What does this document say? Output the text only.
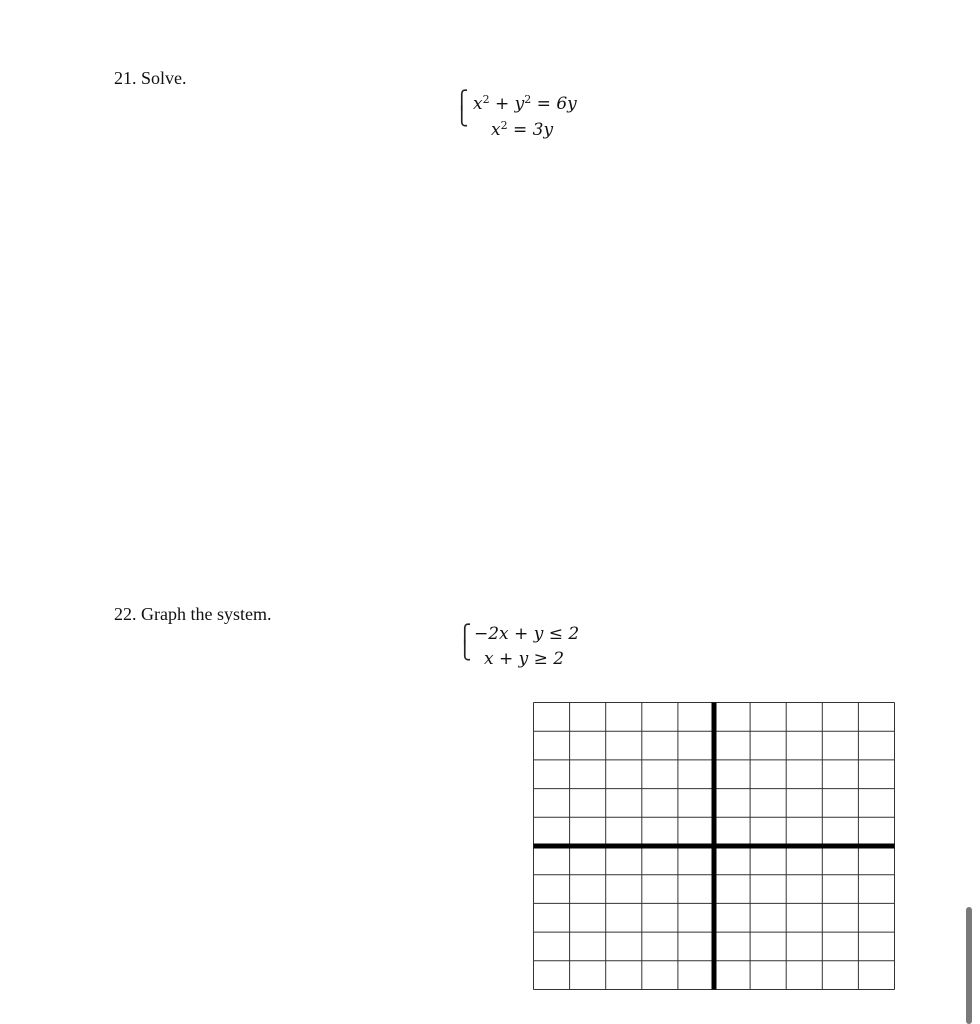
21. Solve.
⎧
⎩
$x^2 + y^2 = 6y$
$x^2 = 3y$
22. Graph the system.
⎧
⎩
−2x + y ≤ 2
x + y ≥ 2
